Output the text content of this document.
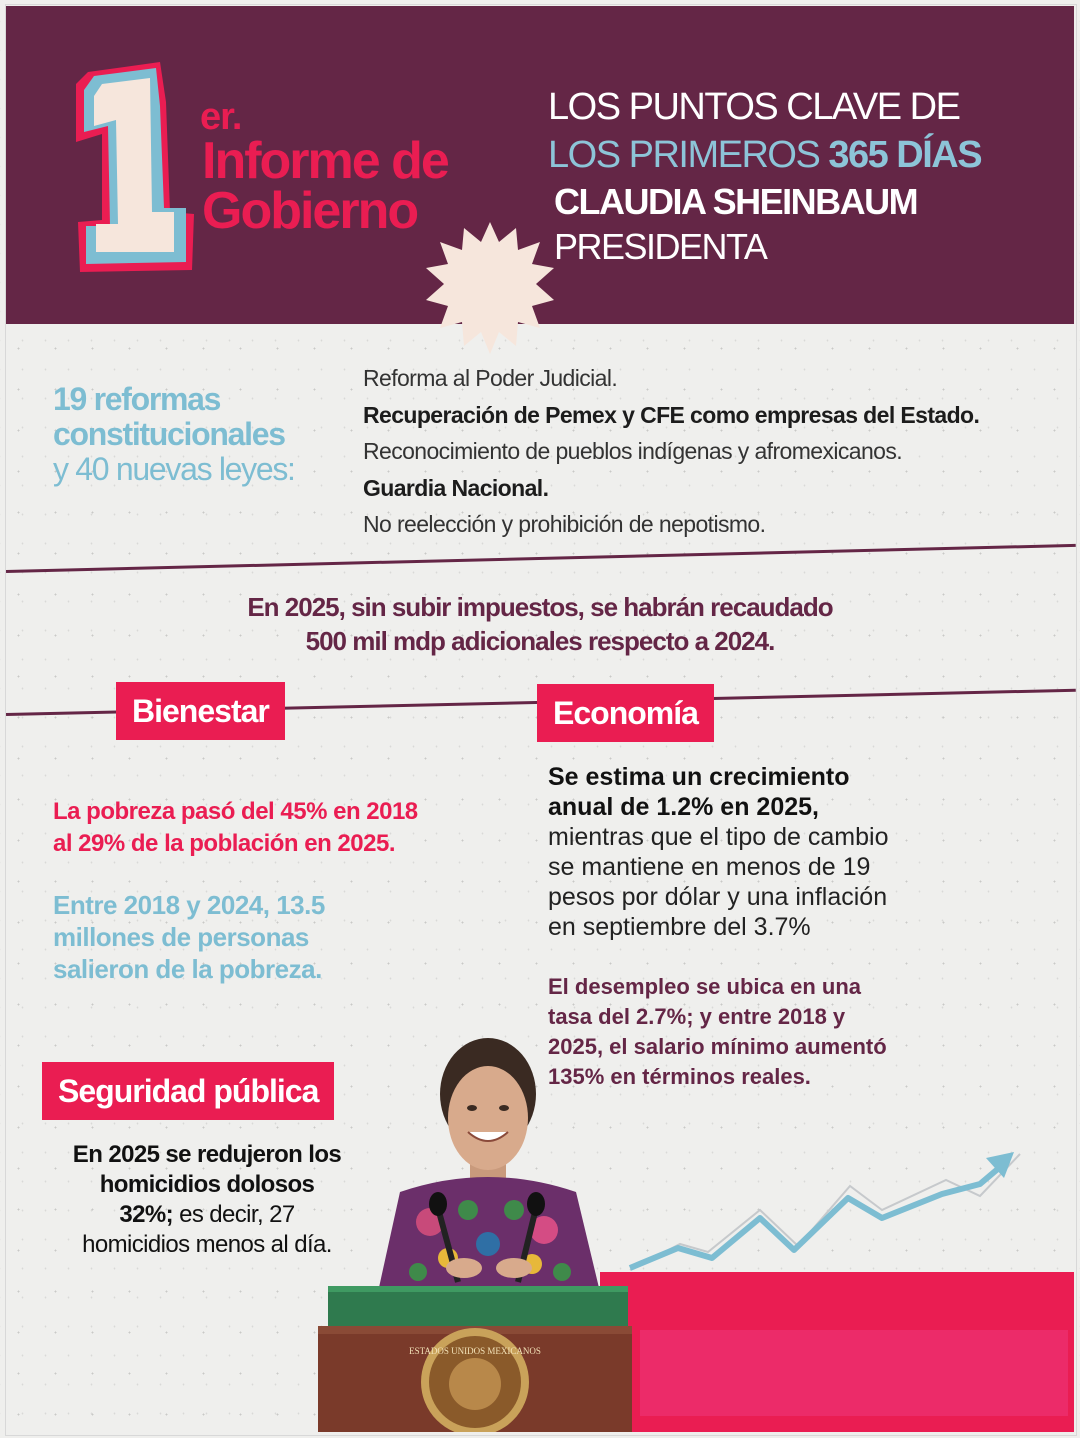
1
er.
Informe de
Gobierno
LOS PUNTOS CLAVE DE
LOS PRIMEROS 365 DÍAS
CLAUDIA SHEINBAUM
PRESIDENTA
19 reformas
constitucionales
y 40 nuevas leyes:
Reforma al Poder Judicial.
Recuperación de Pemex y CFE como empresas del Estado.
Reconocimiento de pueblos indígenas y afromexicanos.
Guardia Nacional.
No reelección y prohibición de nepotismo.
En 2025, sin subir impuestos, se habrán recaudado
500 mil mdp adicionales respecto a 2024.
Bienestar
La pobreza pasó del 45% en 2018
al 29% de la población en 2025.
Entre 2018 y 2024, 13.5
millones de personas
salieron de la pobreza.
Economía
Se estima un crecimiento
anual de 1.2% en 2025,
mientras que el tipo de cambio
se mantiene en menos de 19
pesos por dólar y una inflación
en septiembre del 3.7%
El desempleo se ubica en una
tasa del 2.7%; y entre 2018 y
2025, el salario mínimo aumentó
135% en términos reales.
Seguridad pública
En 2025 se redujeron los
homicidios dolosos
32%; es decir, 27
homicidios menos al día.
ESTADOS UNIDOS MEXICANOS
